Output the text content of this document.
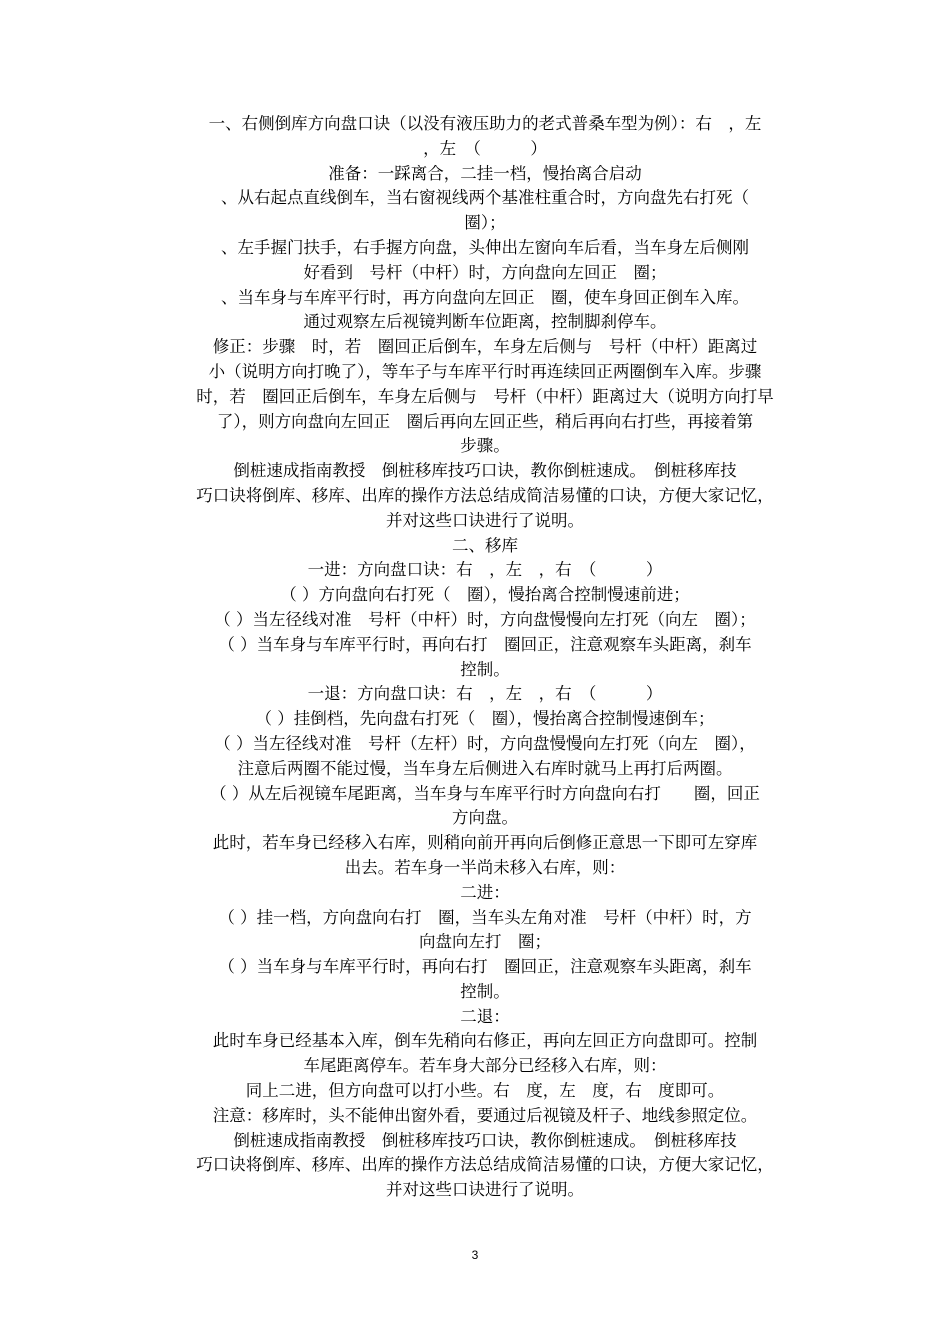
一、右侧倒库方向盘口诀（以没有液压助力的老式普桑车型为例）：右　，左
，左　（　　　）
准备：一踩离合，二挂一档，慢抬离合启动
、从右起点直线倒车，当右窗视线两个基准柱重合时，方向盘先右打死（
圈）；
、左手握门扶手，右手握方向盘，头伸出左窗向车后看，当车身左后侧刚
好看到　号杆（中杆）时，方向盘向左回正　圈；
、当车身与车库平行时，再方向盘向左回正　圈，使车身回正倒车入库。
通过观察左后视镜判断车位距离，控制脚刹停车。
修正：步骤　时，若　圈回正后倒车，车身左后侧与　号杆（中杆）距离过
小（说明方向打晚了），等车子与车库平行时再连续回正两圈倒车入库。步骤
时，若　圈回正后倒车，车身左后侧与　号杆（中杆）距离过大（说明方向打早
了），则方向盘向左回正　圈后再向左回正些，稍后再向右打些，再接着第
步骤。
倒桩速成指南教授　倒桩移库技巧口诀，教你倒桩速成。　倒桩移库技
巧口诀将倒库、移库、出库的操作方法总结成简洁易懂的口诀，方便大家记忆，
并对这些口诀进行了说明。
二、移库
一进：方向盘口诀：右　，左　，右　（　　　）
（ ）方向盘向右打死（　圈），慢抬离合控制慢速前进；
（ ）当左径线对准　号杆（中杆）时，方向盘慢慢向左打死（向左　圈）；
（ ）当车身与车库平行时，再向右打　圈回正，注意观察车头距离，刹车
控制。
一退：方向盘口诀：右　，左　，右　（　　　）
（ ）挂倒档，先向盘右打死（　圈），慢抬离合控制慢速倒车；
（ ）当左径线对准　号杆（左杆）时，方向盘慢慢向左打死（向左　圈），
注意后两圈不能过慢，当车身左后侧进入右库时就马上再打后两圈。
（ ）从左后视镜车尾距离，当车身与车库平行时方向盘向右打　　圈，回正
方向盘。
此时，若车身已经移入右库，则稍向前开再向后倒修正意思一下即可左穿库
出去。若车身一半尚未移入右库，则：
二进：
（ ）挂一档，方向盘向右打　圈，当车头左角对准　号杆（中杆）时，方
向盘向左打　圈；
（ ）当车身与车库平行时，再向右打　圈回正，注意观察车头距离，刹车
控制。
二退：
此时车身已经基本入库，倒车先稍向右修正，再向左回正方向盘即可。控制
车尾距离停车。若车身大部分已经移入右库，则：
同上二进，但方向盘可以打小些。右　度，左　度，右　度即可。
注意：移库时，头不能伸出窗外看，要通过后视镜及杆子、地线参照定位。
倒桩速成指南教授　倒桩移库技巧口诀，教你倒桩速成。　倒桩移库技
巧口诀将倒库、移库、出库的操作方法总结成简洁易懂的口诀，方便大家记忆，
并对这些口诀进行了说明。
3
